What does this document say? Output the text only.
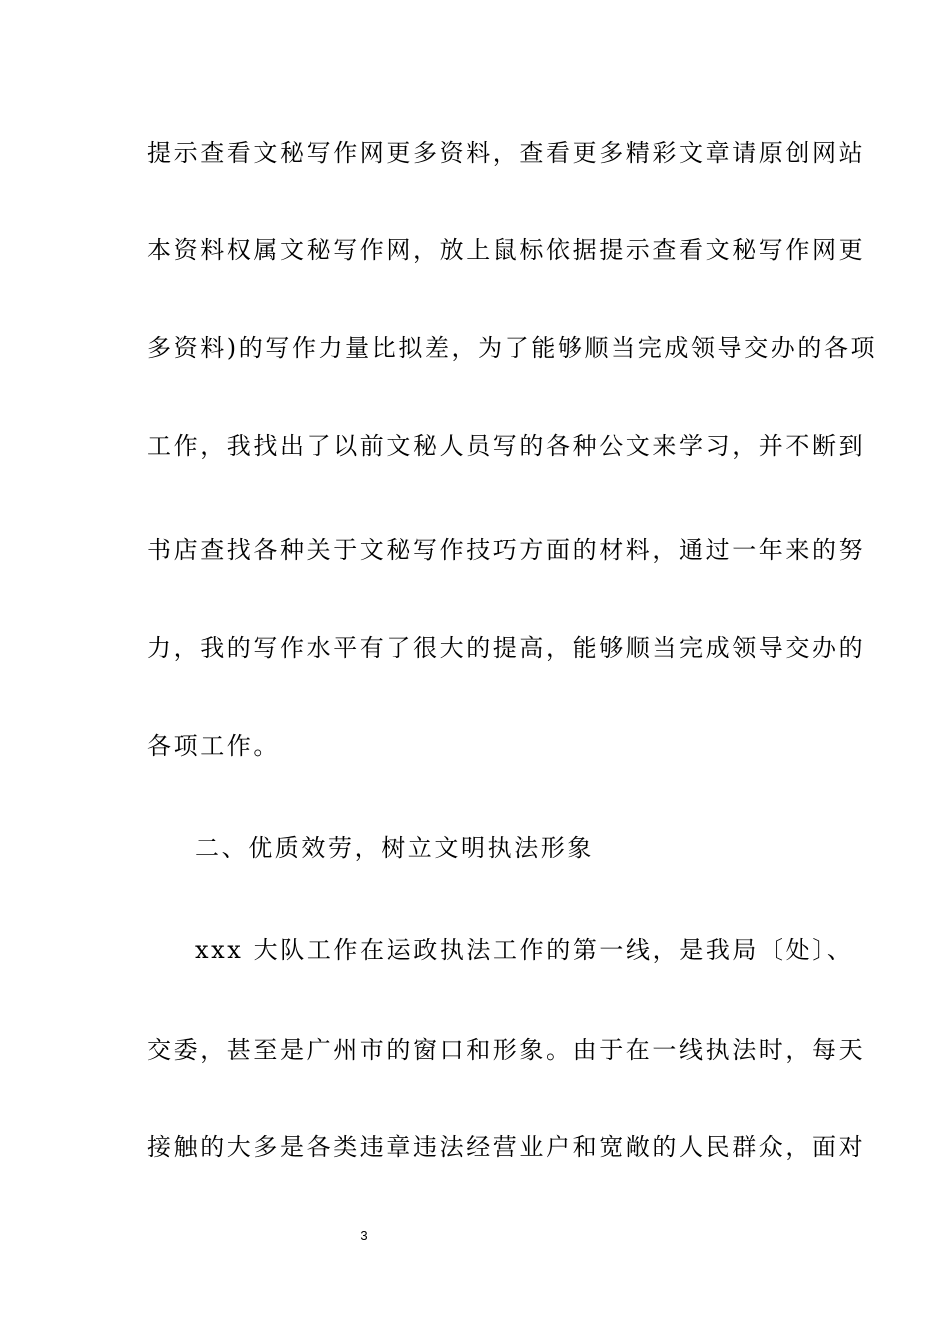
提示查看文秘写作网更多资料，查看更多精彩文章请原创网站
本资料权属文秘写作网，放上鼠标依据提示查看文秘写作网更
多资料)的写作力量比拟差，为了能够顺当完成领导交办的各项
工作，我找出了以前文秘人员写的各种公文来学习，并不断到
书店查找各种关于文秘写作技巧方面的材料，通过一年来的努
力，我的写作水平有了很大的提高，能够顺当完成领导交办的
各项工作。
二、优质效劳，树立文明执法形象
xxx 大队工作在运政执法工作的第一线，是我局〔处〕、
交委，甚至是广州市的窗口和形象。由于在一线执法时，每天
接触的大多是各类违章违法经营业户和宽敞的人民群众，面对
3
